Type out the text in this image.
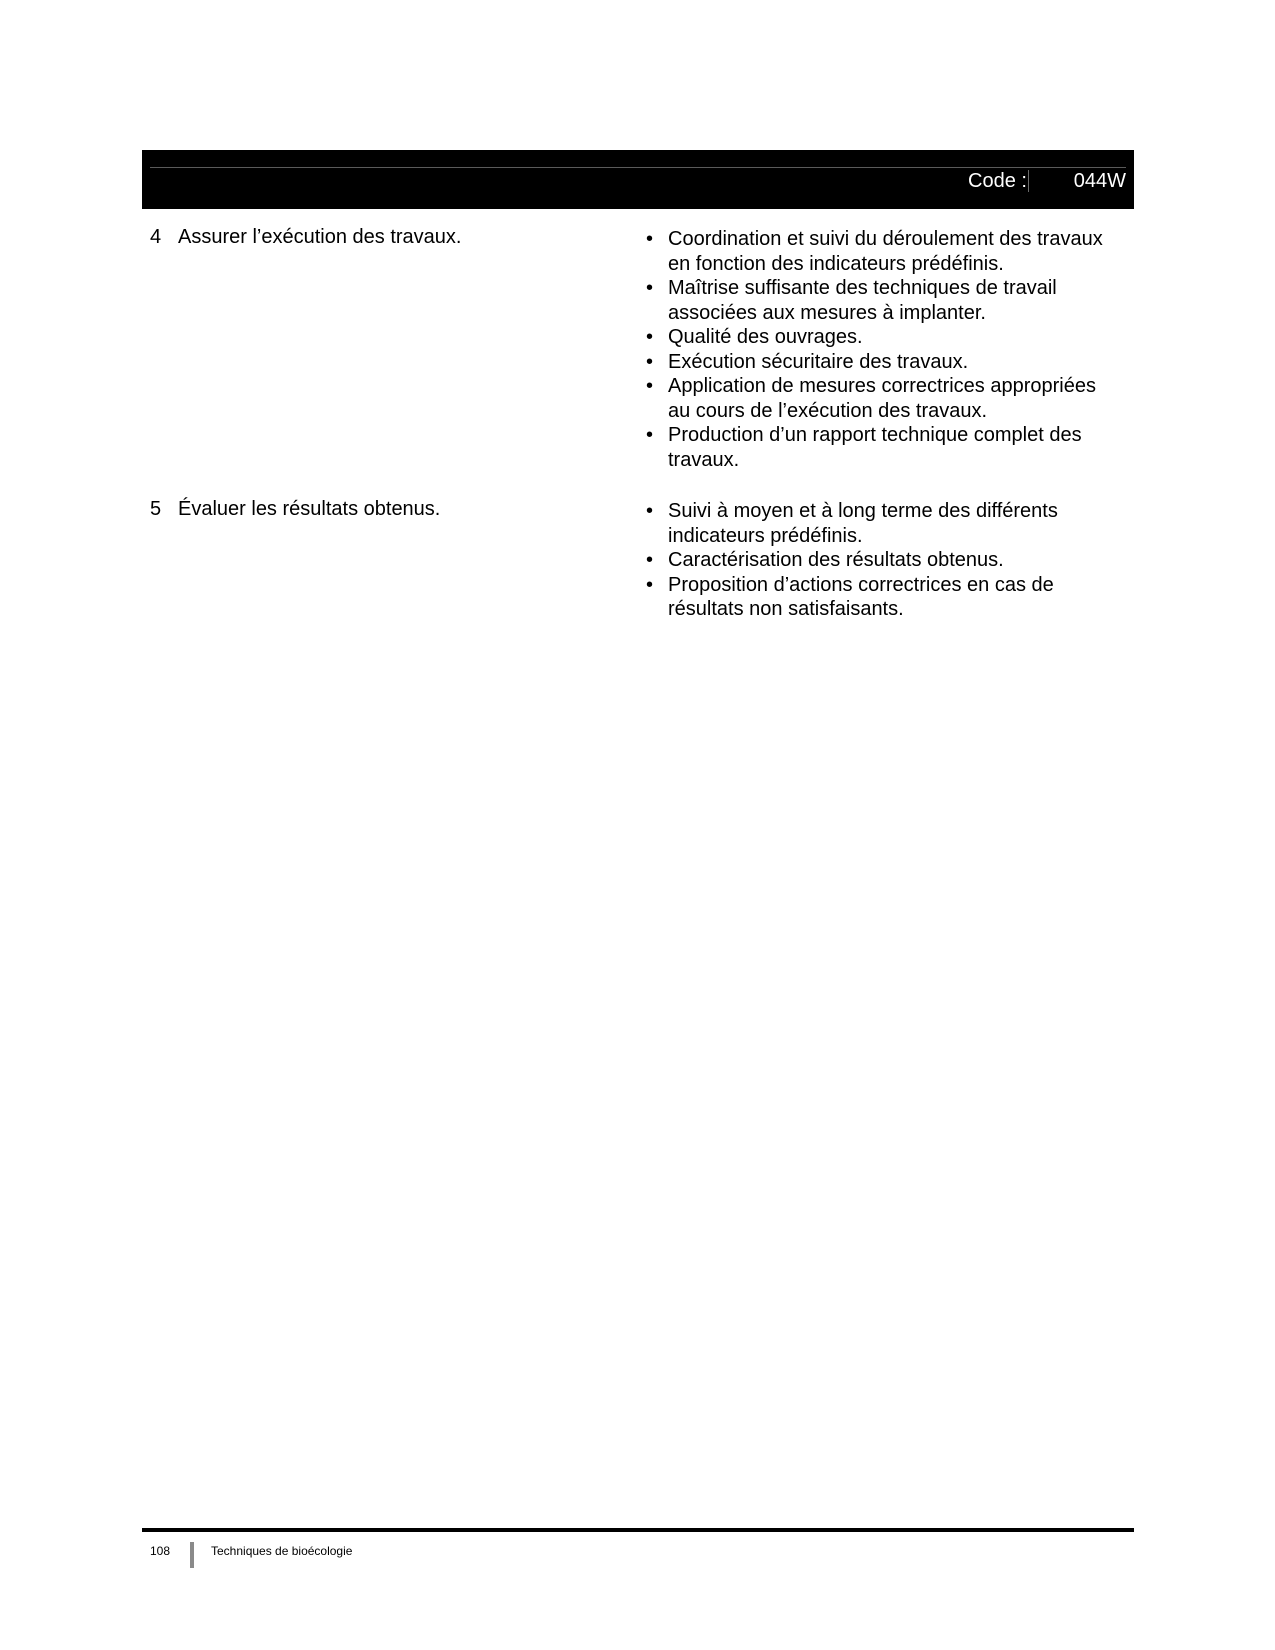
Code :	044W
4 Assurer l’exécution des travaux.	• Coordination et suivi du déroulement des travaux en fonction des indicateurs prédéfinis.
• Maîtrise suffisante des techniques de travail associées aux mesures à implanter.
• Qualité des ouvrages.
• Exécution sécuritaire des travaux.
• Application de mesures correctrices appropriées au cours de l’exécution des travaux.
• Production d’un rapport technique complet des travaux.
5 Évaluer les résultats obtenus.	• Suivi à moyen et à long terme des différents indicateurs prédéfinis.
• Caractérisation des résultats obtenus.
• Proposition d’actions correctrices en cas de résultats non satisfaisants.
108	Techniques de bioécologie
